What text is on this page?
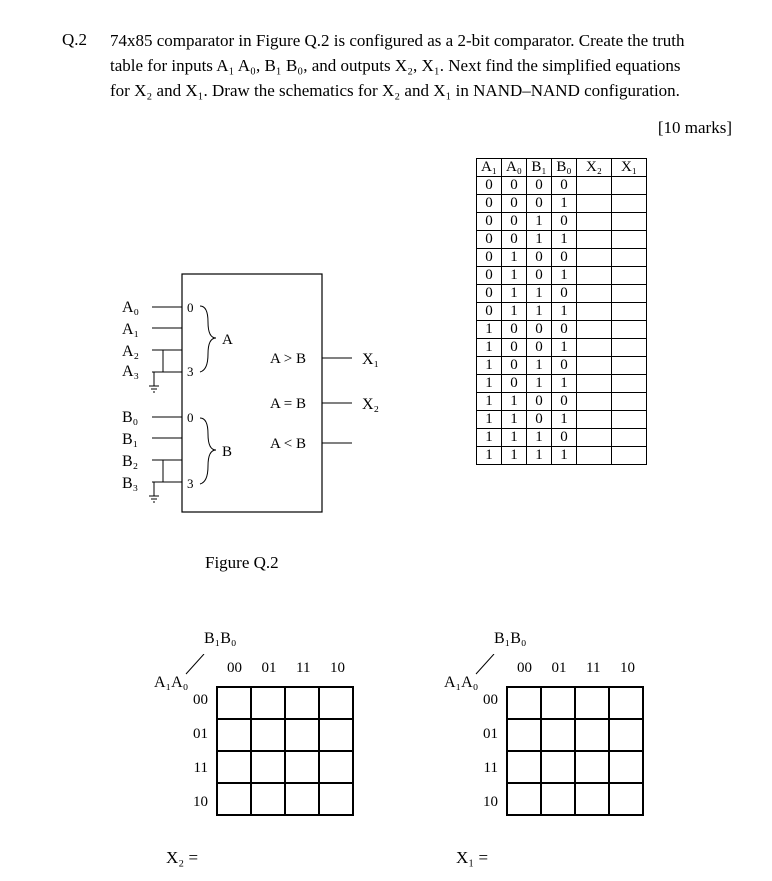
Q.2 74x85 comparator in Figure Q.2 is configured as a 2-bit comparator. Create the truth

table for inputs A₁ A₀, B₁ B₀, and outputs X₂, X₁. Next find the simplified equations

for X₂ and X₁. Draw the schematics for X₂ and X₁ in NAND–NAND configuration.

[10 marks]
A₁	A₀	B₁	B₀	X₂	X₁
0	0	0	0		
0	0	0	1		
0	0	1	0		
0	0	1	1		
0	1	0	0		
0	1	0	1		
0	1	1	0		
0	1	1	1		
1	0	0	0		
1	0	0	1		
1	0	1	0		
1	0	1	1		
1	1	0	0		
1	1	0	1		
1	1	1	0		
1	1	1	1		
A₀
A₁
A₂
A₃
0
3
A
B₀
B₁
B₂
B₃
0
3
B
A > B
A = B
A < B
X₁
X₂
Figure Q.2
B₁B₀
00  01  11  10
A₁A₀
00
01
11
10

X₂ =
B₁B₀
00  01  11  10
A₁A₀
00
01
11
10

X₁ =
